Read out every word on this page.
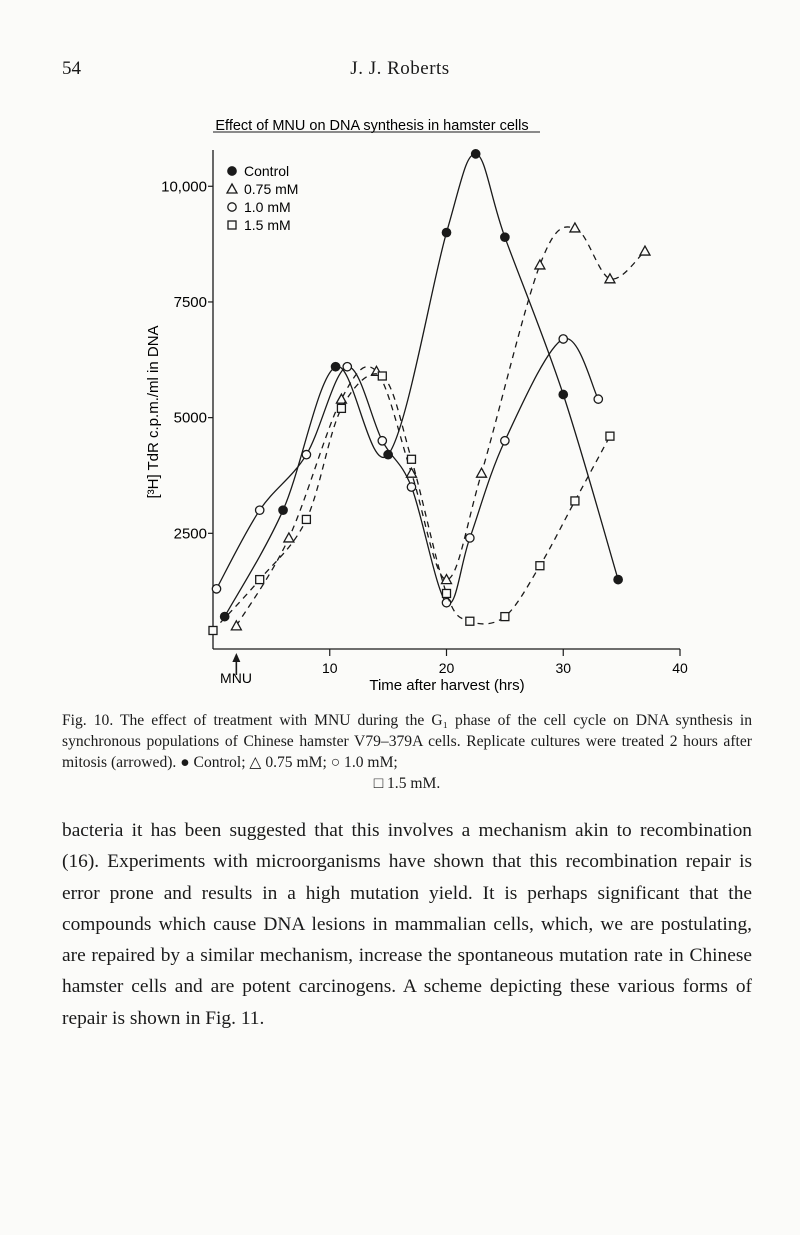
54	J. J. Roberts
Effect of MNU on DNA synthesis in hamster cells
2500
5000
7500
10,000
10	20	30	40
Control
0.75 mM
1.0 mM
1.5 mM
Time after harvest (hrs)
MNU
[³H] TdR c.p.m./ml in DNA
Fig. 10. The effect of treatment with MNU during the G₁ phase of the cell cycle on DNA synthesis in synchronous populations of Chinese hamster V79–379A cells. Replicate cultures were treated 2 hours after mitosis (arrowed). ● Control; △ 0.75 mM; ○ 1.0 mM;
□ 1.5 mM.
bacteria it has been suggested that this involves a mechanism akin to recombination (16). Experiments with microorganisms have shown that this recombination repair is error prone and results in a high mutation yield. It is perhaps significant that the compounds which cause DNA lesions in mammalian cells, which, we are postulating, are repaired by a similar mechanism, increase the spontaneous mutation rate in Chinese hamster cells and are potent carcinogens. A scheme depicting these various forms of repair is shown in Fig. 11.
